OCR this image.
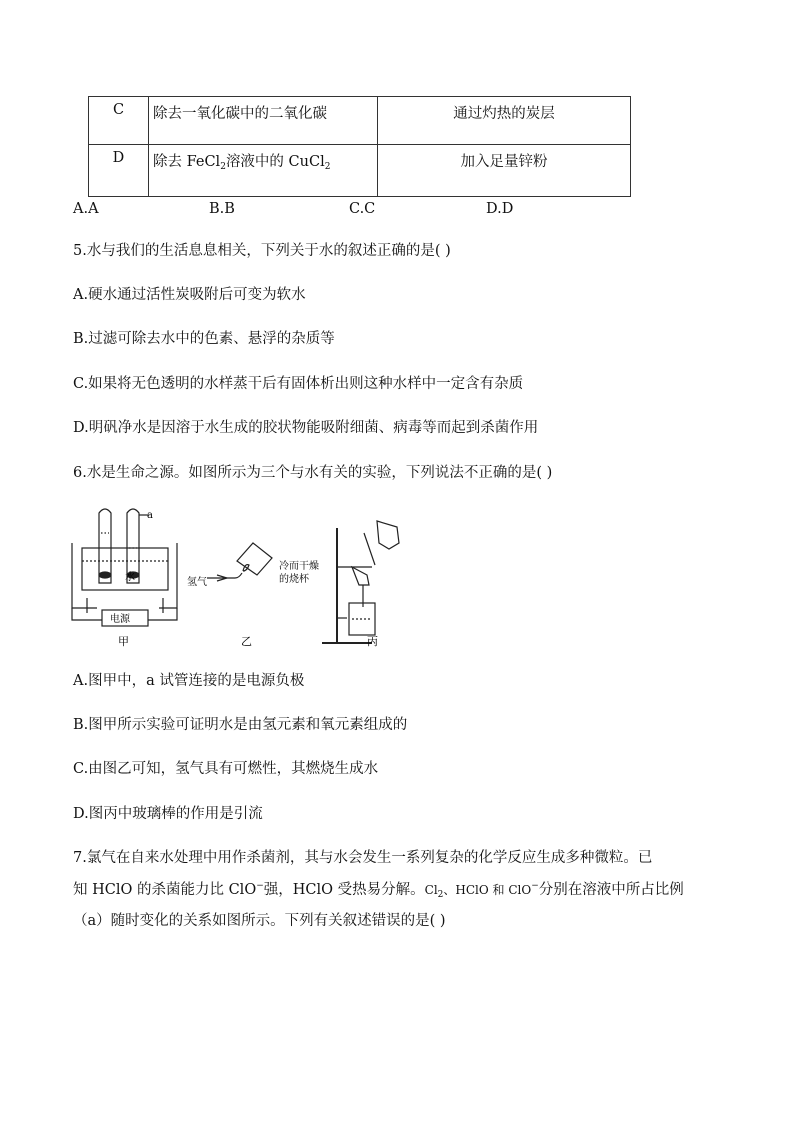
C	除去一氧化碳中的二氧化碳	通过灼热的炭层
D	除去 FeCl$_2$溶液中的 CuCl$_2$	加入足量锌粉
A.A	B.B	C.C	D.D
5.水与我们的生活息息相关，下列关于水的叙述正确的是( )
A.硬水通过活性炭吸附后可变为软水
B.过滤可除去水中的色素、悬浮的杂质等
C.如果将无色透明的水样蒸干后有固体析出则这种水样中一定含有杂质
D.明矾净水是因溶于水生成的胶状物能吸附细菌、病毒等而起到杀菌作用
6.水是生命之源。如图所示为三个与水有关的实验，下列说法不正确的是( )
a
水
电源
氢气
冷而干燥
的烧杯
甲	乙	丙
A.图甲中，a 试管连接的是电源负极
B.图甲所示实验可证明水是由氢元素和氧元素组成的
C.由图乙可知，氢气具有可燃性，其燃烧生成水
D.图丙中玻璃棒的作用是引流
7.氯气在自来水处理中用作杀菌剂，其与水会发生一系列复杂的化学反应生成多种微粒。已
知 HClO 的杀菌能力比 ClO−强，HClO 受热易分解。$Cl_2$、HClO 和 ClO−分别在溶液中所占比例
（a）随时变化的关系如图所示。下列有关叙述错误的是( )
